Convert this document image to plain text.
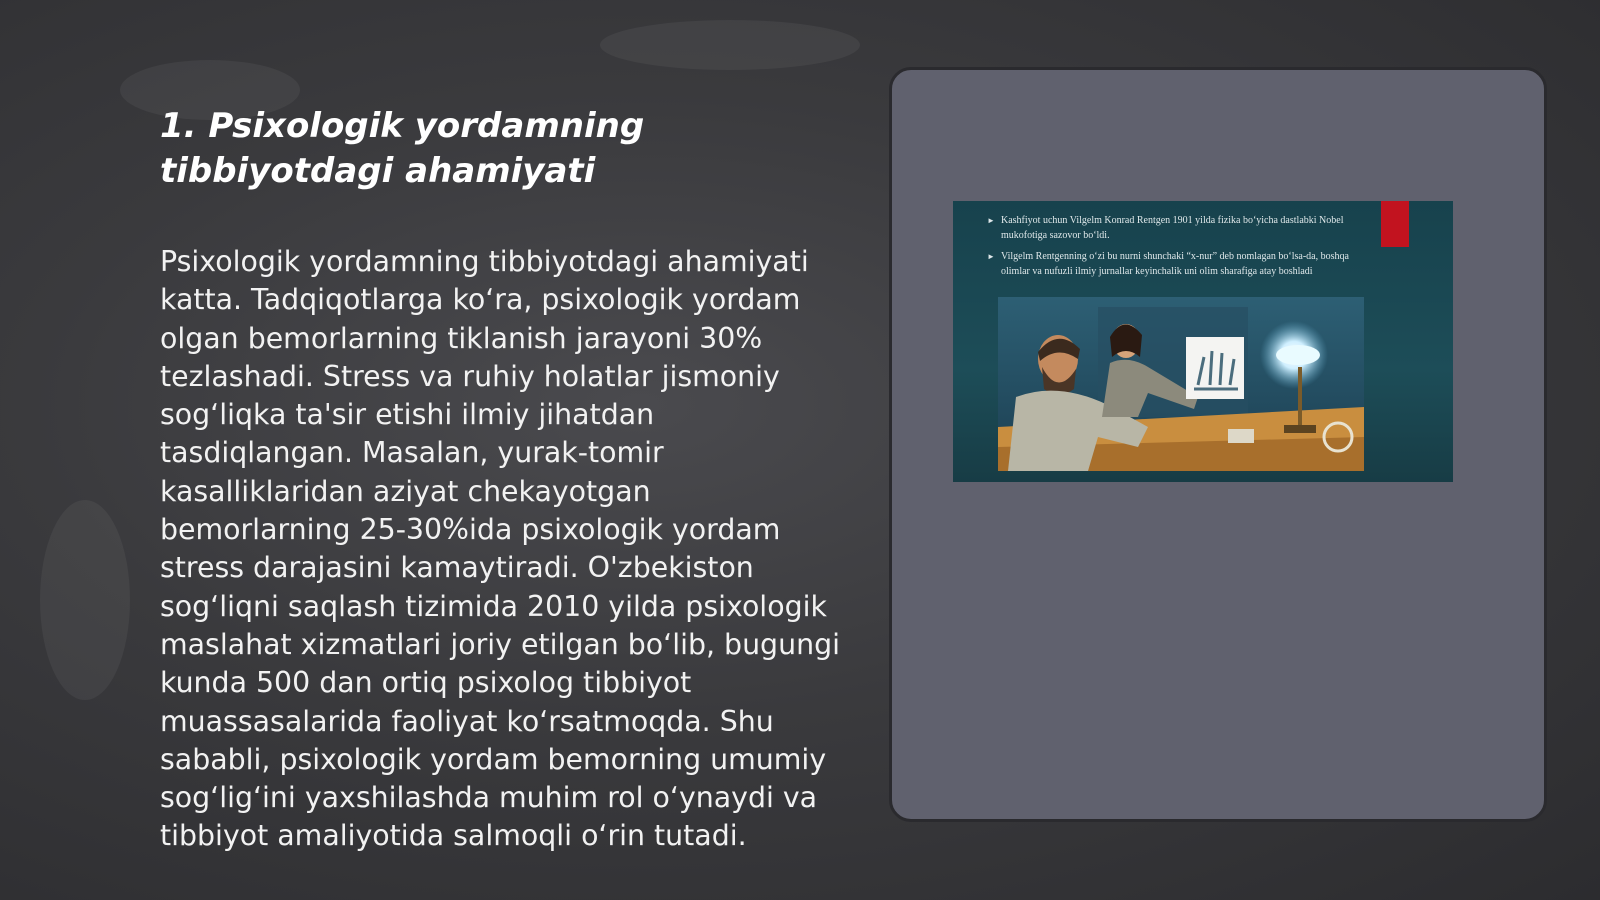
1. Psixologik yordamning tibbiyotdagi ahamiyati

Psixologik yordamning tibbiyotdagi ahamiyati katta. Tadqiqotlarga koʻra, psixologik yordam olgan bemorlarning tiklanish jarayoni 30% tezlashadi. Stress va ruhiy holatlar jismoniy sogʻliqka ta'sir etishi ilmiy jihatdan tasdiqlangan. Masalan, yurak-tomir kasalliklaridan aziyat chekayotgan bemorlarning 25-30%ida psixologik yordam stress darajasini kamaytiradi. O'zbekiston sogʻliqni saqlash tizimida 2010 yilda psixologik maslahat xizmatlari joriy etilgan boʻlib, bugungi kunda 500 dan ortiq psixolog tibbiyot muassasalarida faoliyat koʻrsatmoqda. Shu sababli, psixologik yordam bemorning umumiy sogʻligʻini yaxshilashda muhim rol oʻynaydi va tibbiyot amaliyotida salmoqli oʻrin tutadi.

► Kashfiyot uchun Vilgelm Konrad Rentgen 1901 yilda fizika boʻyicha dastlabki Nobel mukofotiga sazovor boʻldi.
► Vilgelm Rentgenning oʻzi bu nurni shunchaki “x-nur” deb nomlagan boʻlsa-da, boshqa olimlar va nufuzli ilmiy jurnallar keyinchalik uni olim sharafiga atay boshladi
